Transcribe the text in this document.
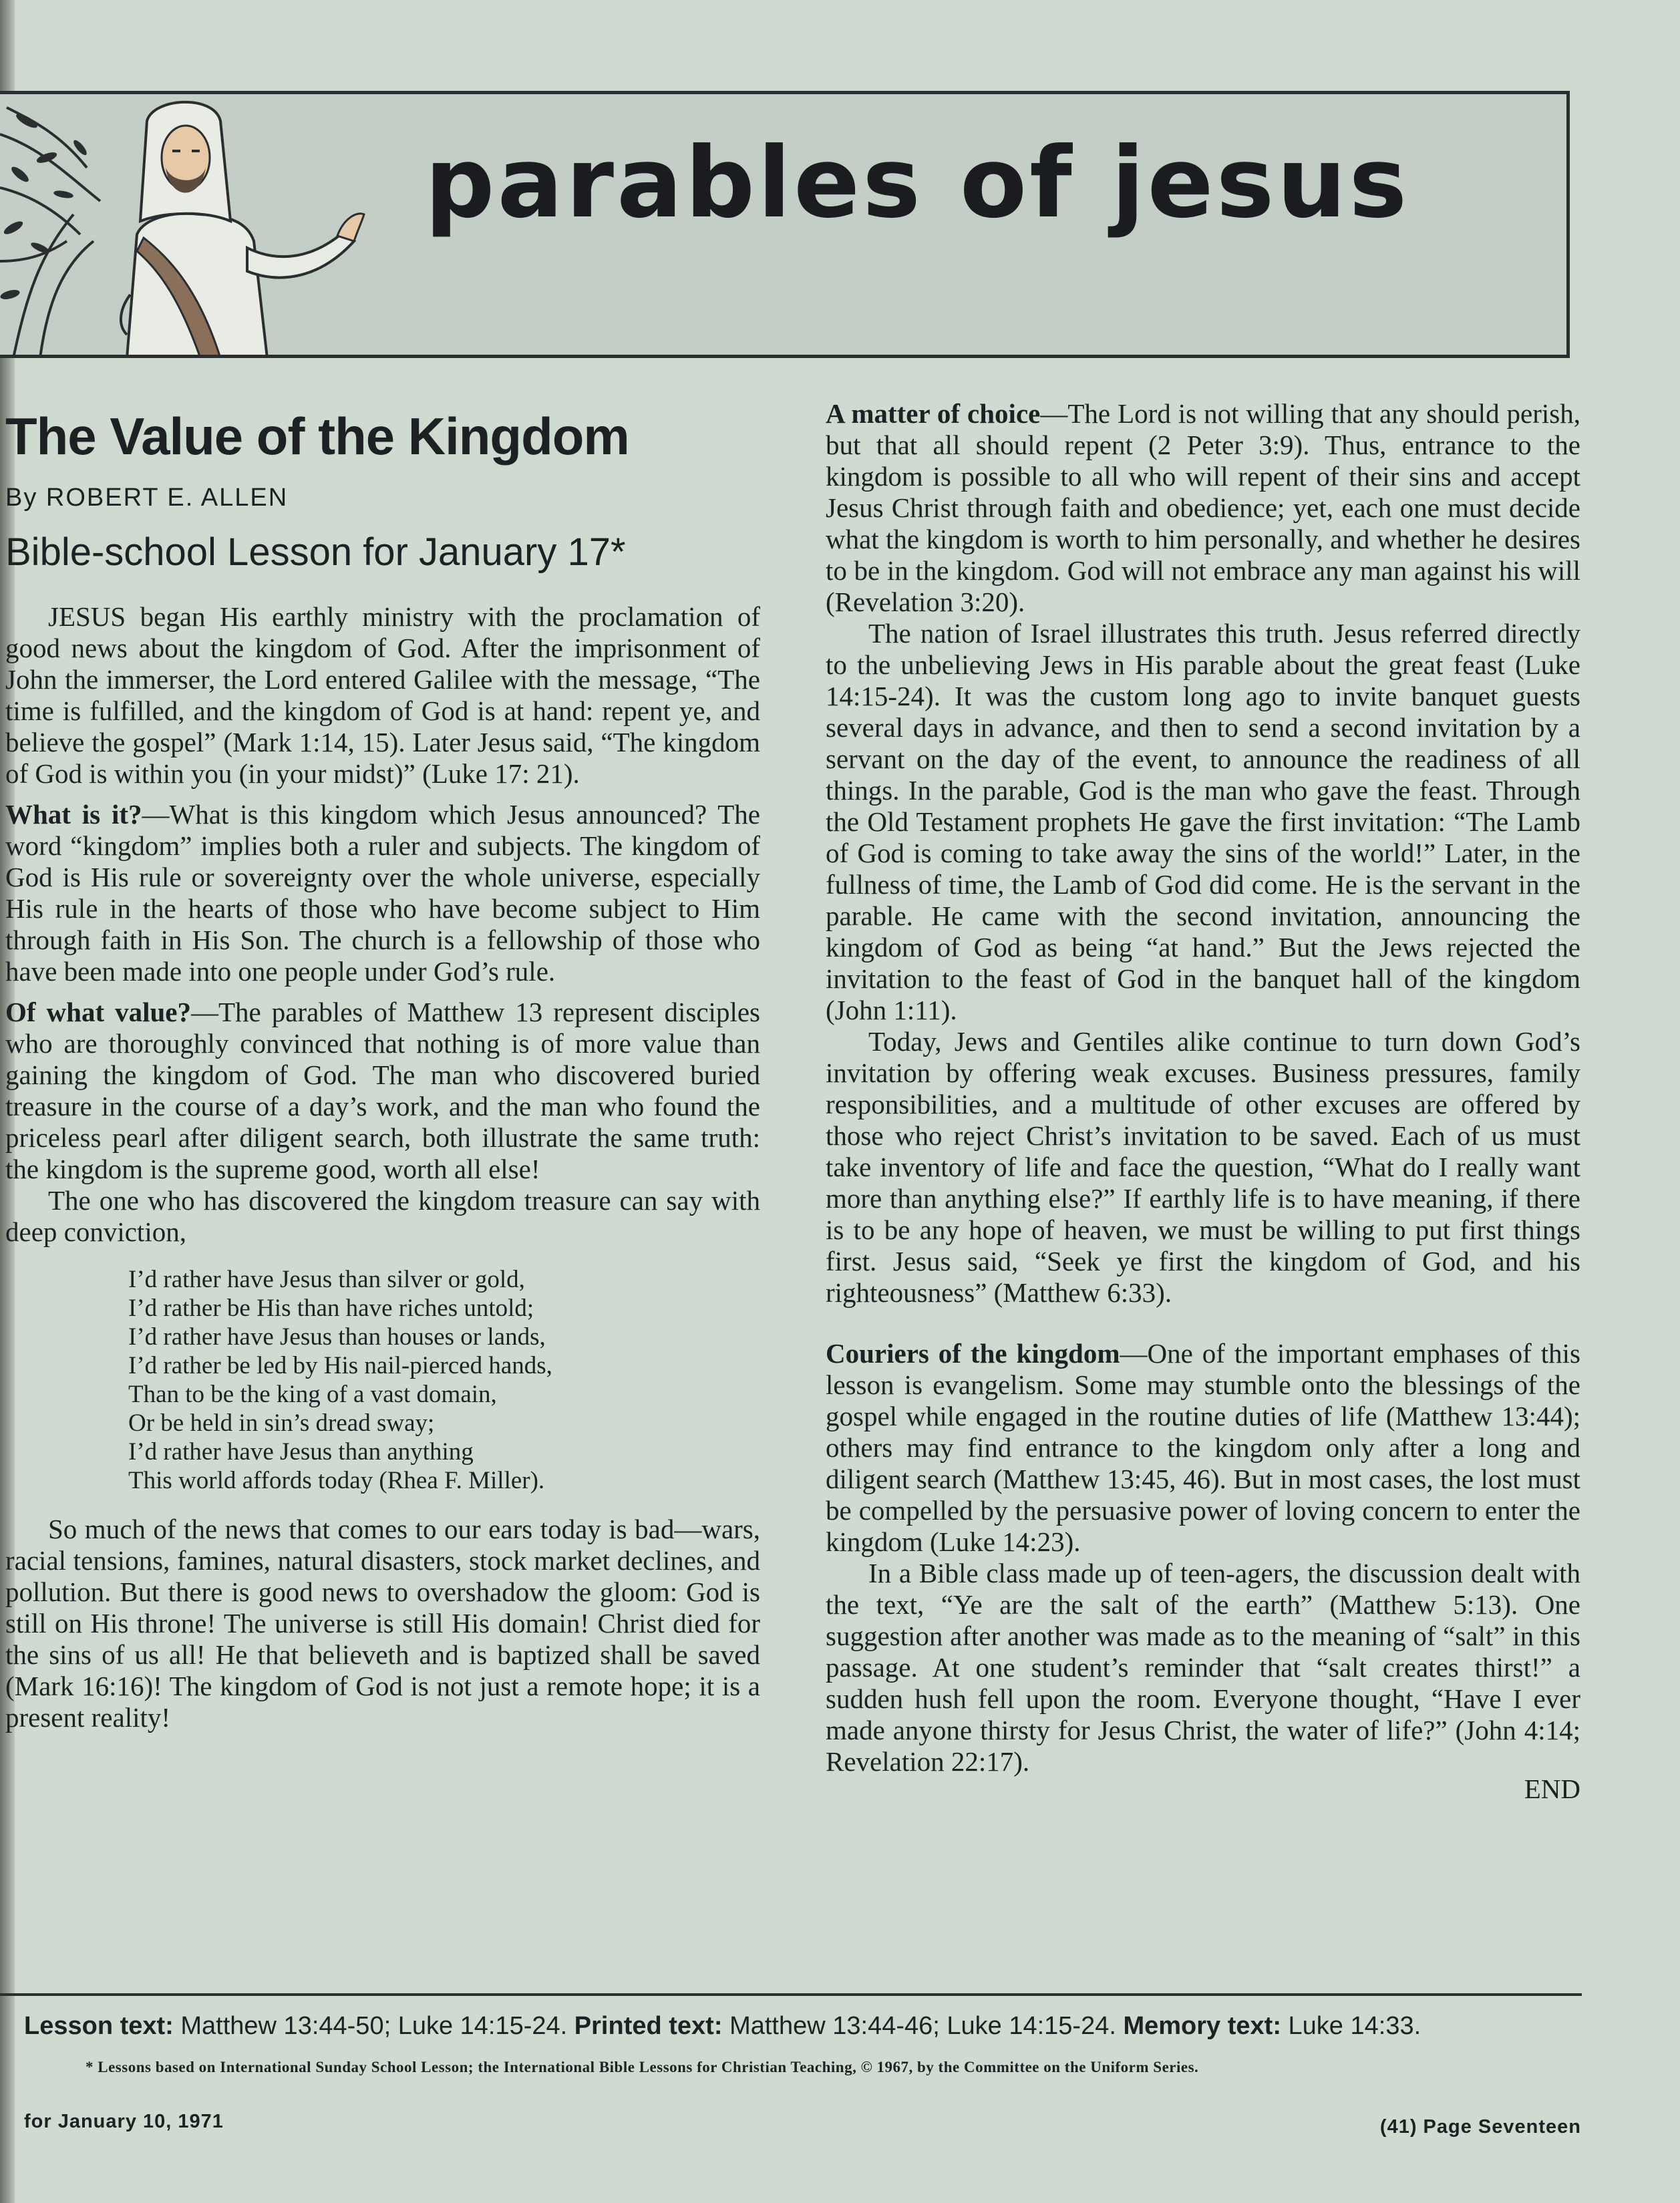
parables of jesus
The Value of the Kingdom
By ROBERT E. ALLEN
Bible-school Lesson for January 17*

JESUS began His earthly ministry with the proclamation of good news about the kingdom of God. After the imprisonment of John the immerser, the Lord entered Galilee with the message, “The time is fulfilled, and the kingdom of God is at hand: repent ye, and believe the gospel” (Mark 1:14, 15). Later Jesus said, “The kingdom of God is within you (in your midst)” (Luke 17: 21).

What is it?—What is this kingdom which Jesus announced? The word “kingdom” implies both a ruler and subjects. The kingdom of God is His rule or sovereignty over the whole universe, especially His rule in the hearts of those who have become subject to Him through faith in His Son. The church is a fellowship of those who have been made into one people under God’s rule.

Of what value?—The parables of Matthew 13 represent disciples who are thoroughly convinced that nothing is of more value than gaining the kingdom of God. The man who discovered buried treasure in the course of a day’s work, and the man who found the priceless pearl after diligent search, both illustrate the same truth: the kingdom is the supreme good, worth all else!

The one who has discovered the kingdom treasure can say with deep conviction,

I’d rather have Jesus than silver or gold,
I’d rather be His than have riches untold;
I’d rather have Jesus than houses or lands,
I’d rather be led by His nail-pierced hands,
Than to be the king of a vast domain,
Or be held in sin’s dread sway;
I’d rather have Jesus than anything
This world affords today (Rhea F. Miller).

So much of the news that comes to our ears today is bad—wars, racial tensions, famines, natural disasters, stock market declines, and pollution. But there is good news to overshadow the gloom: God is still on His throne! The universe is still His domain! Christ died for the sins of us all! He that believeth and is baptized shall be saved (Mark 16:16)! The kingdom of God is not just a remote hope; it is a present reality!

A matter of choice—The Lord is not willing that any should perish, but that all should repent (2 Peter 3:9). Thus, entrance to the kingdom is possible to all who will repent of their sins and accept Jesus Christ through faith and obedience; yet, each one must decide what the kingdom is worth to him personally, and whether he desires to be in the kingdom. God will not embrace any man against his will (Revelation 3:20).

The nation of Israel illustrates this truth. Jesus referred directly to the unbelieving Jews in His parable about the great feast (Luke 14:15-24). It was the custom long ago to invite banquet guests several days in advance, and then to send a second invitation by a servant on the day of the event, to announce the readiness of all things. In the parable, God is the man who gave the feast. Through the Old Testament prophets He gave the first invitation: “The Lamb of God is coming to take away the sins of the world!” Later, in the fullness of time, the Lamb of God did come. He is the servant in the parable. He came with the second invitation, announcing the kingdom of God as being “at hand.” But the Jews rejected the invitation to the feast of God in the banquet hall of the kingdom (John 1:11).

Today, Jews and Gentiles alike continue to turn down God’s invitation by offering weak excuses. Business pressures, family responsibilities, and a multitude of other excuses are offered by those who reject Christ’s invitation to be saved. Each of us must take inventory of life and face the question, “What do I really want more than anything else?” If earthly life is to have meaning, if there is to be any hope of heaven, we must be willing to put first things first. Jesus said, “Seek ye first the kingdom of God, and his righteousness” (Matthew 6:33).

Couriers of the kingdom—One of the important emphases of this lesson is evangelism. Some may stumble onto the blessings of the gospel while engaged in the routine duties of life (Matthew 13:44); others may find entrance to the kingdom only after a long and diligent search (Matthew 13:45, 46). But in most cases, the lost must be compelled by the persuasive power of loving concern to enter the kingdom (Luke 14:23).

In a Bible class made up of teen-agers, the discussion dealt with the text, “Ye are the salt of the earth” (Matthew 5:13). One suggestion after another was made as to the meaning of “salt” in this passage. At one student’s reminder that “salt creates thirst!” a sudden hush fell upon the room. Everyone thought, “Have I ever made anyone thirsty for Jesus Christ, the water of life?” (John 4:14; Revelation 22:17).

END
Lesson text: Matthew 13:44-50; Luke 14:15-24. Printed text: Matthew 13:44-46; Luke 14:15-24. Memory text: Luke 14:33.
* Lessons based on International Sunday School Lesson; the International Bible Lessons for Christian Teaching, © 1967, by the Committee on the Uniform Series.
for January 10, 1971	(41) Page Seventeen
